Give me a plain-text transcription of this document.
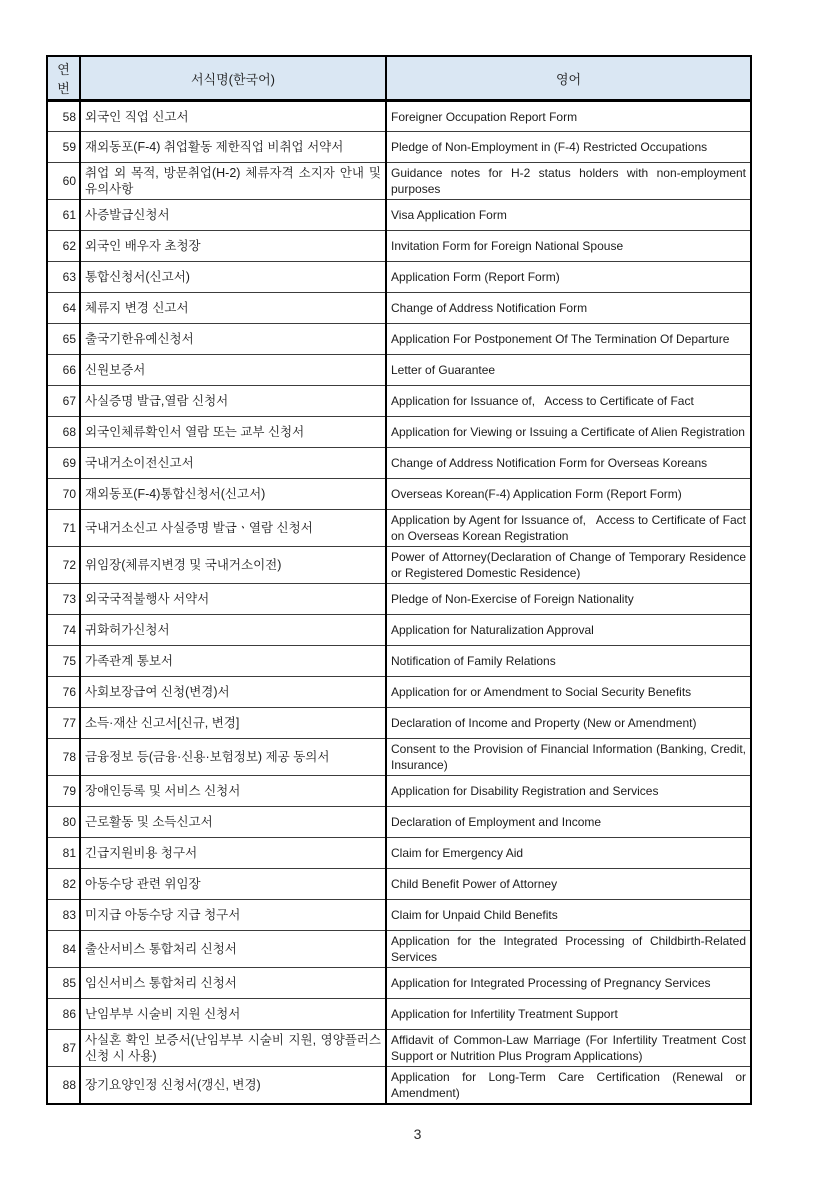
연번	서식명(한국어)	영어
58	외국인 직업 신고서	Foreigner Occupation Report Form
59	재외동포(F-4) 취업활동 제한직업 비취업 서약서	Pledge of Non-Employment in (F-4) Restricted Occupations
60	취업 외 목적, 방문취업(H-2) 체류자격 소지자 안내 및 유의사항	Guidance notes for H-2 status holders with non-employment purposes
61	사증발급신청서	Visa Application Form
62	외국인 배우자 초청장	Invitation Form for Foreign National Spouse
63	통합신청서(신고서)	Application Form (Report Form)
64	체류지 변경 신고서	Change of Address Notification Form
65	출국기한유예신청서	Application For Postponement Of The Termination Of Departure
66	신원보증서	Letter of Guarantee
67	사실증명 발급,열람 신청서	Application for Issuance of,   Access to Certificate of Fact
68	외국인체류확인서 열람 또는 교부 신청서	Application for Viewing or Issuing a Certificate of Alien Registration
69	국내거소이전신고서	Change of Address Notification Form for Overseas Koreans
70	재외동포(F-4)통합신청서(신고서)	Overseas Korean(F-4) Application Form (Report Form)
71	국내거소신고 사실증명 발급ㆍ열람 신청서	Application by Agent for Issuance of,   Access to Certificate of Fact on Overseas Korean Registration
72	위임장(체류지변경 및 국내거소이전)	Power of Attorney(Declaration of Change of Temporary Residence or Registered Domestic Residence)
73	외국국적불행사 서약서	Pledge of Non-Exercise of Foreign Nationality
74	귀화허가신청서	Application for Naturalization Approval
75	가족관계 통보서	Notification of Family Relations
76	사회보장급여 신청(변경)서	Application for or Amendment to Social Security Benefits
77	소득·재산 신고서[신규, 변경]	Declaration of Income and Property (New or Amendment)
78	금융정보 등(금융·신용·보험정보) 제공 동의서	Consent to the Provision of Financial Information (Banking, Credit, Insurance)
79	장애인등록 및 서비스 신청서	Application for Disability Registration and Services
80	근로활동 및 소득신고서	Declaration of Employment and Income
81	긴급지원비용 청구서	Claim for Emergency Aid
82	아동수당 관련 위임장	Child Benefit Power of Attorney
83	미지급 아동수당 지급 청구서	Claim for Unpaid Child Benefits
84	출산서비스 통합처리 신청서	Application for the Integrated Processing of Childbirth-Related Services
85	임신서비스 통합처리 신청서	Application for Integrated Processing of Pregnancy Services
86	난임부부 시술비 지원 신청서	Application for Infertility Treatment Support
87	사실혼 확인 보증서(난임부부 시술비 지원, 영양플러스 신청 시 사용)	Affidavit of Common-Law Marriage (For Infertility Treatment Cost Support or Nutrition Plus Program Applications)
88	장기요양인정 신청서(갱신, 변경)	Application for Long-Term Care Certification (Renewal or Amendment)
3
